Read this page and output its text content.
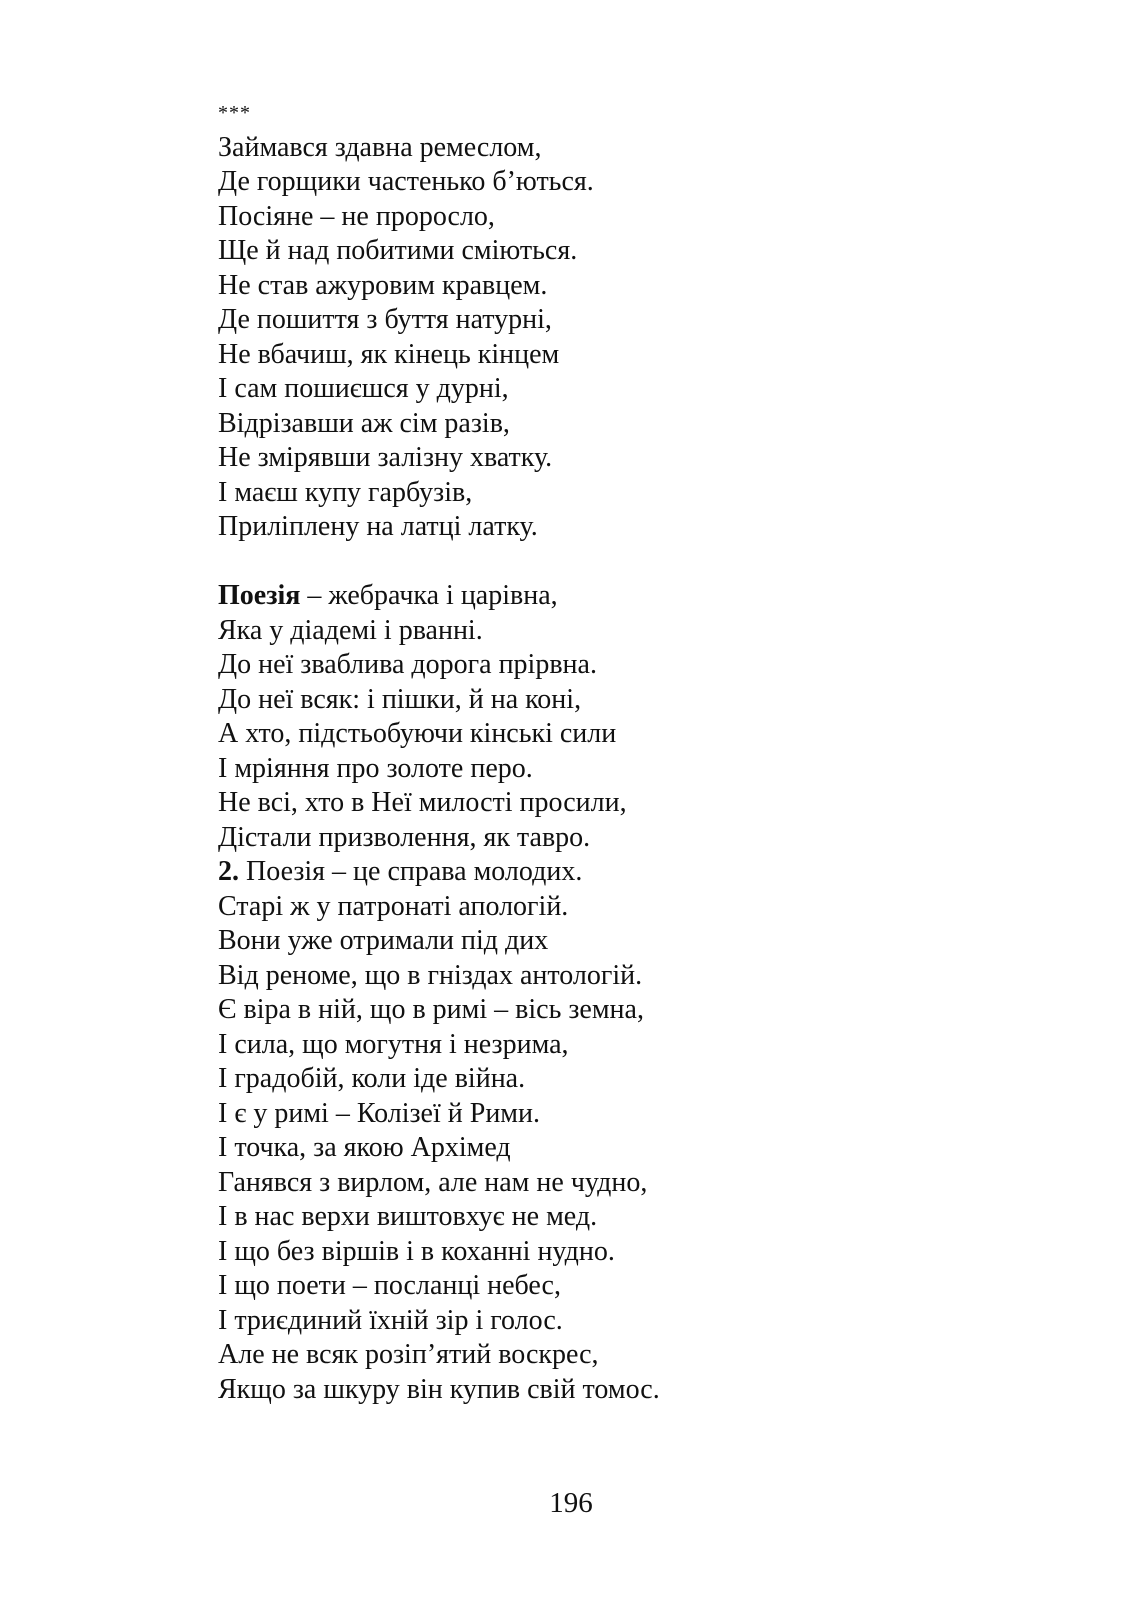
***
Займався здавна ремеслом,
Де горщики частенько б’ються.
Посіяне – не проросло,
Ще й над побитими сміються.
Не став ажуровим кравцем.
Де пошиття з буття натурні,
Не вбачиш, як кінець кінцем
І сам пошиєшся у дурні,
Відрізавши аж сім разів,
Не змірявши залізну хватку.
І маєш купу гарбузів,
Приліплену на латці латку.
Поезія – жебрачка і царівна,
Яка у діадемі і рванні.
До неї зваблива дорога прірвна.
До неї всяк: і пішки, й на коні,
А хто, підстьобуючи кінські сили
І мріяння про золоте перо.
Не всі, хто в Неї милості просили,
Дістали призволення, як тавро.
2. Поезія – це справа молодих.
Старі ж у патронаті апологій.
Вони уже отримали під дих
Від реноме, що в гніздах антологій.
Є віра в ній, що в римі – вісь земна,
І сила, що могутня і незрима,
І градобій, коли іде війна.
І є у римі – Колізеї й Рими.
І точка, за якою Архімед
Ганявся з вирлом, але нам не чудно,
І в нас верхи виштовхує не мед.
І що без віршів і в коханні нудно.
І що поети – посланці небес,
І триєдиний їхній зір і голос.
Але не всяк розіп’ятий воскрес,
Якщо за шкуру він купив свій томос.
196
